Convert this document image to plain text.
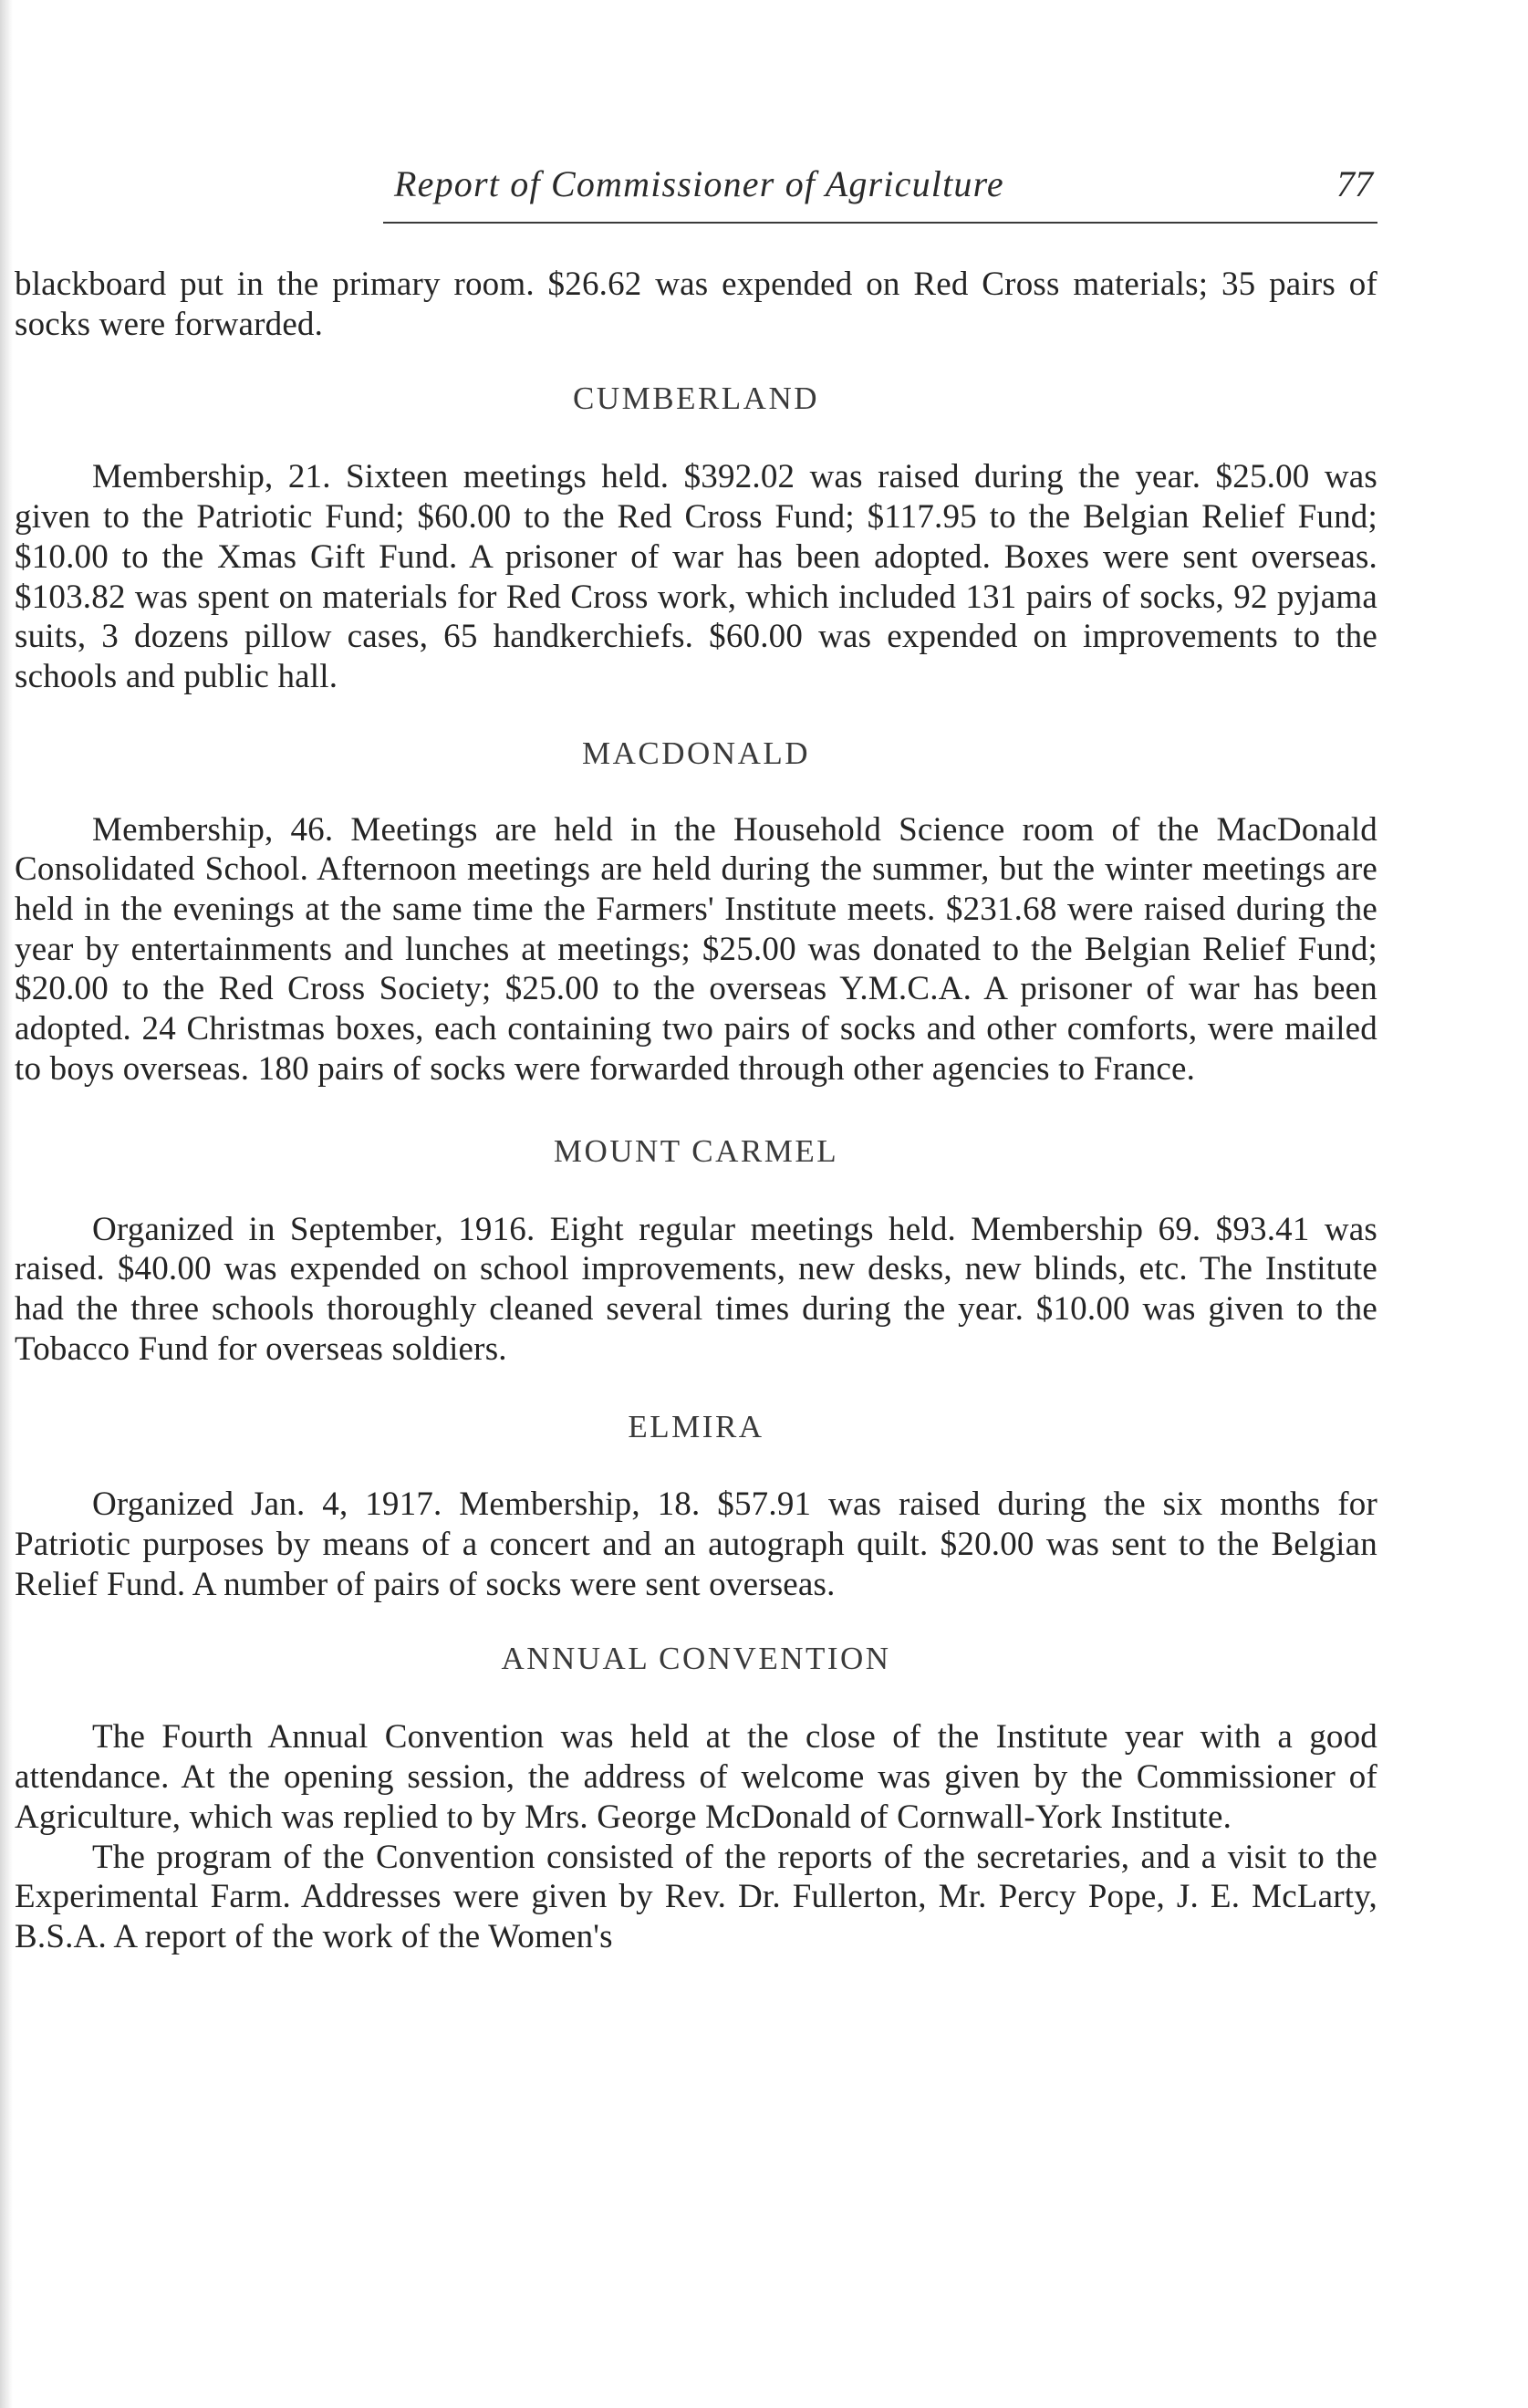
Report of Commissioner of Agriculture	77

blackboard put in the primary room. $26.62 was expended on Red Cross materials; 35 pairs of socks were forwarded.

CUMBERLAND

Membership, 21. Sixteen meetings held. $392.02 was raised during the year. $25.00 was given to the Patriotic Fund; $60.00 to the Red Cross Fund; $117.95 to the Belgian Relief Fund; $10.00 to the Xmas Gift Fund. A prisoner of war has been adopted. Boxes were sent overseas. $103.82 was spent on materials for Red Cross work, which included 131 pairs of socks, 92 pyjama suits, 3 dozens pillow cases, 65 handkerchiefs. $60.00 was expended on improvements to the schools and public hall.

MACDONALD

Membership, 46. Meetings are held in the Household Science room of the MacDonald Consolidated School. Afternoon meetings are held during the summer, but the winter meetings are held in the evenings at the same time the Farmers' Institute meets. $231.68 were raised during the year by entertainments and lunches at meetings; $25.00 was donated to the Belgian Relief Fund; $20.00 to the Red Cross Society; $25.00 to the overseas Y.M.C.A. A prisoner of war has been adopted. 24 Christmas boxes, each containing two pairs of socks and other comforts, were mailed to boys overseas. 180 pairs of socks were forwarded through other agencies to France.

MOUNT CARMEL

Organized in September, 1916. Eight regular meetings held. Membership 69. $93.41 was raised. $40.00 was expended on school improvements, new desks, new blinds, etc. The Institute had the three schools thoroughly cleaned several times during the year. $10.00 was given to the Tobacco Fund for overseas soldiers.

ELMIRA

Organized Jan. 4, 1917. Membership, 18. $57.91 was raised during the six months for Patriotic purposes by means of a concert and an autograph quilt. $20.00 was sent to the Belgian Relief Fund. A number of pairs of socks were sent overseas.

ANNUAL CONVENTION

The Fourth Annual Convention was held at the close of the Institute year with a good attendance. At the opening session, the address of welcome was given by the Commissioner of Agriculture, which was replied to by Mrs. George McDonald of Cornwall-York Institute.

The program of the Convention consisted of the reports of the secretaries, and a visit to the Experimental Farm. Addresses were given by Rev. Dr. Fullerton, Mr. Percy Pope, J. E. McLarty, B.S.A. A report of the work of the Women's
